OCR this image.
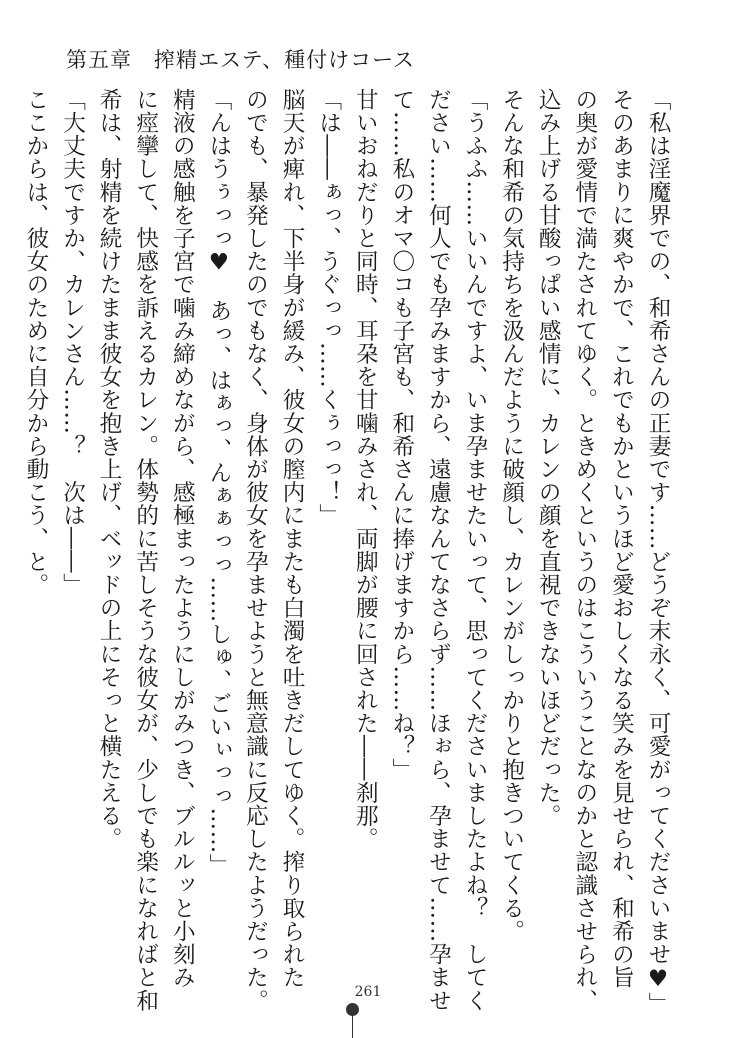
第五章　搾精エステ、種付けコース

「私は淫魔界での、和希さんの正妻です……どうぞ末永く、可愛がってくださいませ♥」

そのあまりに爽やかで、これでもかというほど愛おしくなる笑みを見せられ、和希の旨

の奥が愛情で満たされてゆく。ときめくというのはこういうことなのかと認識させられ、

込み上げる甘酸っぱい感情に、カレンの顔を直視できないほどだった。

そんな和希の気持ちを汲んだように破顔し、カレンがしっかりと抱きついてくる。

「うふふ……いいんですよ、いま孕ませたいって、思ってくださいましたよね？　してく

ださい……何人でも孕みますから、遠慮なんてなさらず……ほぉら、孕ませて……孕ませ

て……私のオマ〇コも子宮も、和希さんに捧げますから……ね？」

甘いおねだりと同時、耳朶を甘噛みされ、両脚が腰に回された――刹那。

「は――ぁっ、うぐっっ……くぅっっ！」

脳天が痺れ、下半身が緩み、彼女の膣内にまたも白濁を吐きだしてゆく。搾り取られた

のでも、暴発したのでもなく、身体が彼女を孕ませようと無意識に反応したようだった。

「んはうぅっっ♥　あっ、はぁっ、んぁぁっっ……しゅ、ごいぃっっ……」

精液の感触を子宮で噛み締めながら、感極まったようにしがみつき、ブルルッと小刻み

に痙攣して、快感を訴えるカレン。体勢的に苦しそうな彼女が、少しでも楽になればと和

希は、射精を続けたまま彼女を抱き上げ、ベッドの上にそっと横たえる。

「大丈夫ですか、カレンさん……？　次は――」

ここからは、彼女のために自分から動こう、と。

261
